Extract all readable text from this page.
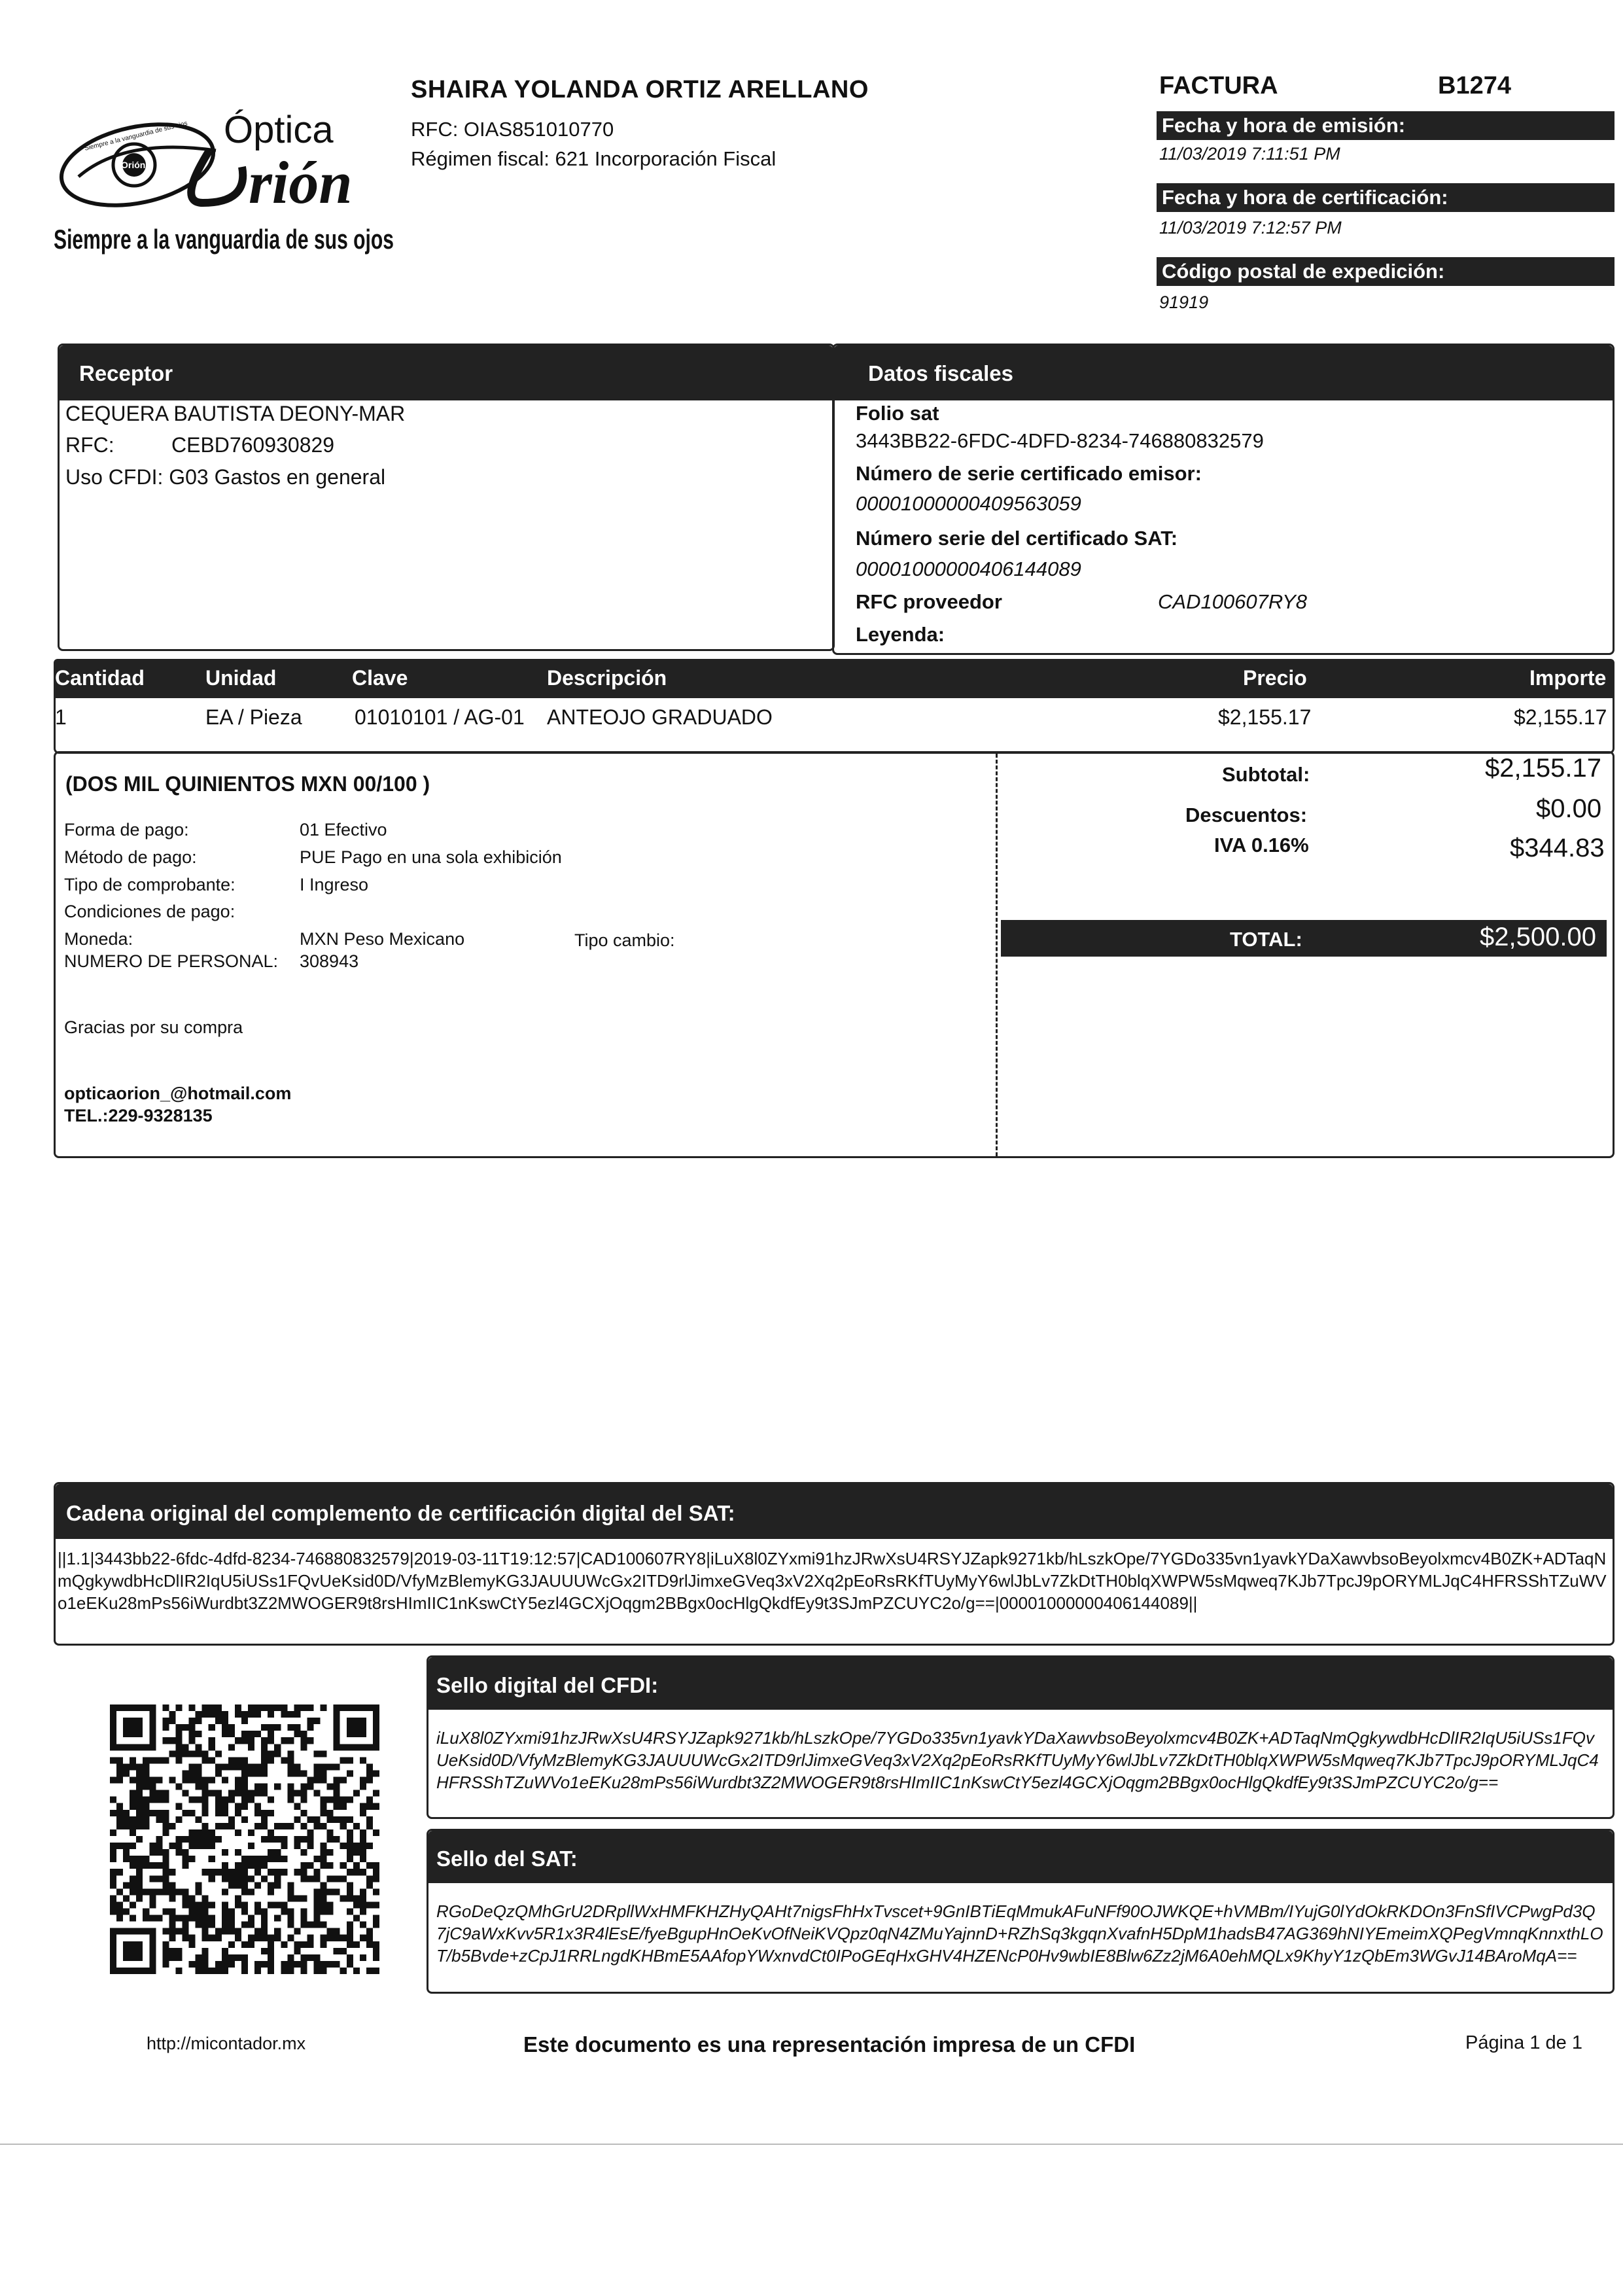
Orión
Siempre a la vanguardia de sus ojos Óptica
rión
Siempre a la vanguardia de sus ojos
SHAIRA YOLANDA ORTIZ ARELLANO
RFC: OIAS851010770
Régimen fiscal: 621 Incorporación Fiscal
FACTURA	B1274
Fecha y hora de emisión:
11/03/2019 7:11:51 PM
Fecha y hora de certificación:
11/03/2019 7:12:57 PM
Código postal de expedición:
91919
Receptor
CEQUERA BAUTISTA DEONY-MAR
RFC:	CEBD760930829
Uso CFDI: G03 Gastos en general
Datos fiscales
Folio sat
3443BB22-6FDC-4DFD-8234-746880832579
Número de serie certificado emisor:
00001000000409563059
Número serie del certificado SAT:
00001000000406144089
RFC proveedor	CAD100607RY8
Leyenda:
Cantidad	Unidad	Clave	Descripción	Precio	Importe
1	EA / Pieza	01010101 / AG-01 ANTEOJO GRADUADO	$2,155.17	$2,155.17
(DOS MIL QUINIENTOS MXN 00/100 )
Forma de pago:	01 Efectivo
Método de pago:	PUE Pago en una sola exhibición
Tipo de comprobante:	I Ingreso
Condiciones de pago:
Moneda:	MXN Peso Mexicano	Tipo cambio:
NUMERO DE PERSONAL: 308943
Gracias por su compra
opticaorion_@hotmail.com
TEL.:229-9328135
Subtotal:	$2,155.17
Descuentos:	$0.00
IVA 0.16%	$344.83
TOTAL:	$2,500.00
Cadena original del complemento de certificación digital del SAT:
||1.1|3443bb22-6fdc-4dfd-8234-746880832579|2019-03-11T19:12:57|CAD100607RY8|iLuX8l0ZYxmi91hzJRwXsU4RSYJZapk9271kb/hLszkOpe/7YGDo335vn1yavkYDaXawvbsoBeyolxmcv4B0ZK+ADTaqNmQgkywdbHcDlIR2IqU5iUSs1FQvUeKsid0D/VfyMzBlemyKG3JAUUUWcGx2ITD9rlJimxeGVeq3xV2Xq2pEoRsRKfTUyMyY6wlJbLv7ZkDtTH0blqXWPW5sMqweq7KJb7TpcJ9pORYMLJqC4HFRSShTZuWVo1eEKu28mPs56iWurdbt3Z2MWOGER9t8rsHImIIC1nKswCtY5ezl4GCXjOqgm2BBgx0ocHlgQkdfEy9t3SJmPZCUYC2o/g==|00001000000406144089||
Sello digital del CFDI:
iLuX8l0ZYxmi91hzJRwXsU4RSYJZapk9271kb/hLszkOpe/7YGDo335vn1yavkYDaXawvbsoBeyolxmcv4B0ZK+ADTaqNmQgkywdbHcDlIR2IqU5iUSs1FQvUeKsid0D/VfyMzBlemyKG3JAUUUWcGx2ITD9rlJimxeGVeq3xV2Xq2pEoRsRKfTUyMyY6wlJbLv7ZkDtTH0blqXWPW5sMqweq7KJb7TpcJ9pORYMLJqC4HFRSShTZuWVo1eEKu28mPs56iWurdbt3Z2MWOGER9t8rsHImIIC1nKswCtY5ezl4GCXjOqgm2BBgx0ocHlgQkdfEy9t3SJmPZCUYC2o/g==
Sello del SAT:
RGoDeQzQMhGrU2DRpllWxHMFKHZHyQAHt7nigsFhHxTvscet+9GnIBTiEqMmukAFuNFf90OJWKQE+hVMBm/IYujG0lYdOkRKDOn3FnSfIVCPwgPd3Q7jC9aWxKvv5R1x3R4lEsE/fyeBgupHnOeKvOfNeiKVQpz0qN4ZMuYajnnD+RZhSq3kgqnXvafnH5DpM1hadsB47AG369hNIYEmeimXQPegVmnqKnnxthLOT/b5Bvde+zCpJ1RRLngdKHBmE5AAfopYWxnvdCt0IPoGEqHxGHV4HZENcP0Hv9wbIE8Blw6Zz2jM6A0ehMQLx9KhyY1zQbEm3WGvJ14BAroMqA==
http://micontador.mx	Este documento es una representación impresa de un CFDI	Página 1 de 1
